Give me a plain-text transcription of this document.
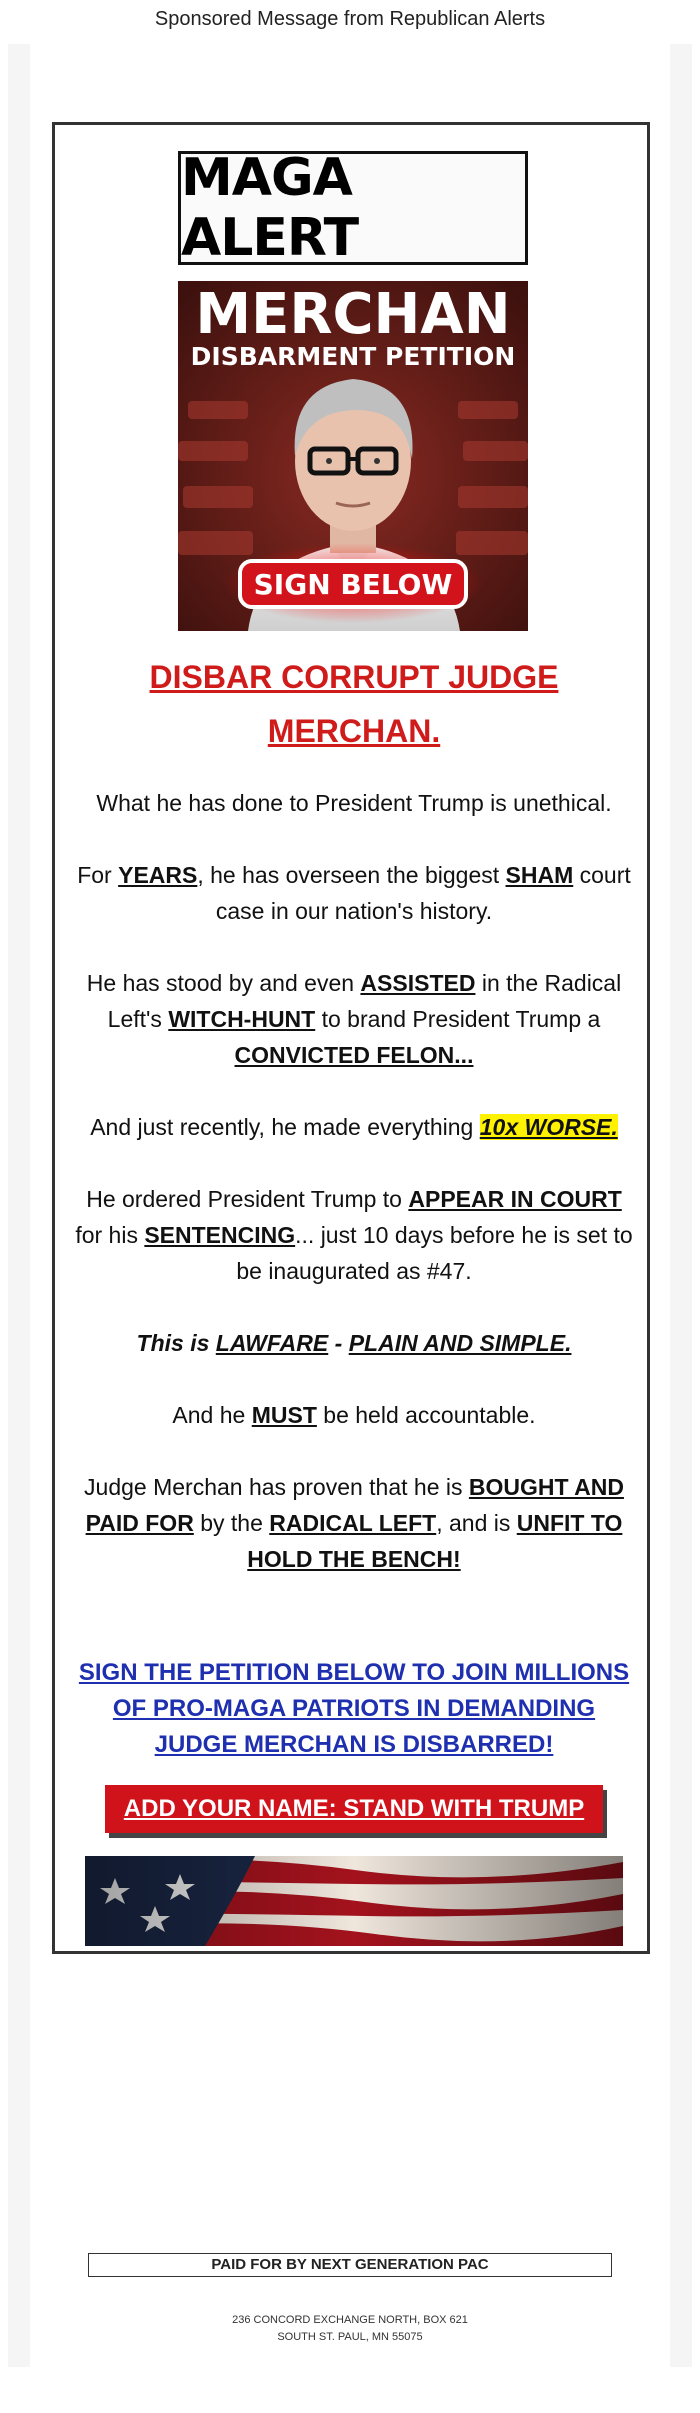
Sponsored Message from Republican Alerts
MAGA ALERT
MERCHAN
DISBARMENT PETITION
SIGN BELOW
DISBAR CORRUPT JUDGE MERCHAN.

What he has done to President Trump is unethical.

For YEARS, he has overseen the biggest SHAM court case in our nation's history.

He has stood by and even ASSISTED in the Radical Left's WITCH-HUNT to brand President Trump a CONVICTED FELON...

And just recently, he made everything 10x WORSE.

He ordered President Trump to APPEAR IN COURT for his SENTENCING... just 10 days before he is set to be inaugurated as #47.

This is LAWFARE - PLAIN AND SIMPLE.

And he MUST be held accountable.

Judge Merchan has proven that he is BOUGHT AND PAID FOR by the RADICAL LEFT, and is UNFIT TO HOLD THE BENCH!

SIGN THE PETITION BELOW TO JOIN MILLIONS OF PRO-MAGA PATRIOTS IN DEMANDING JUDGE MERCHAN IS DISBARRED!
ADD YOUR NAME: STAND WITH TRUMP
PAID FOR BY NEXT GENERATION PAC
236 CONCORD EXCHANGE NORTH, BOX 621
SOUTH ST. PAUL, MN 55075
